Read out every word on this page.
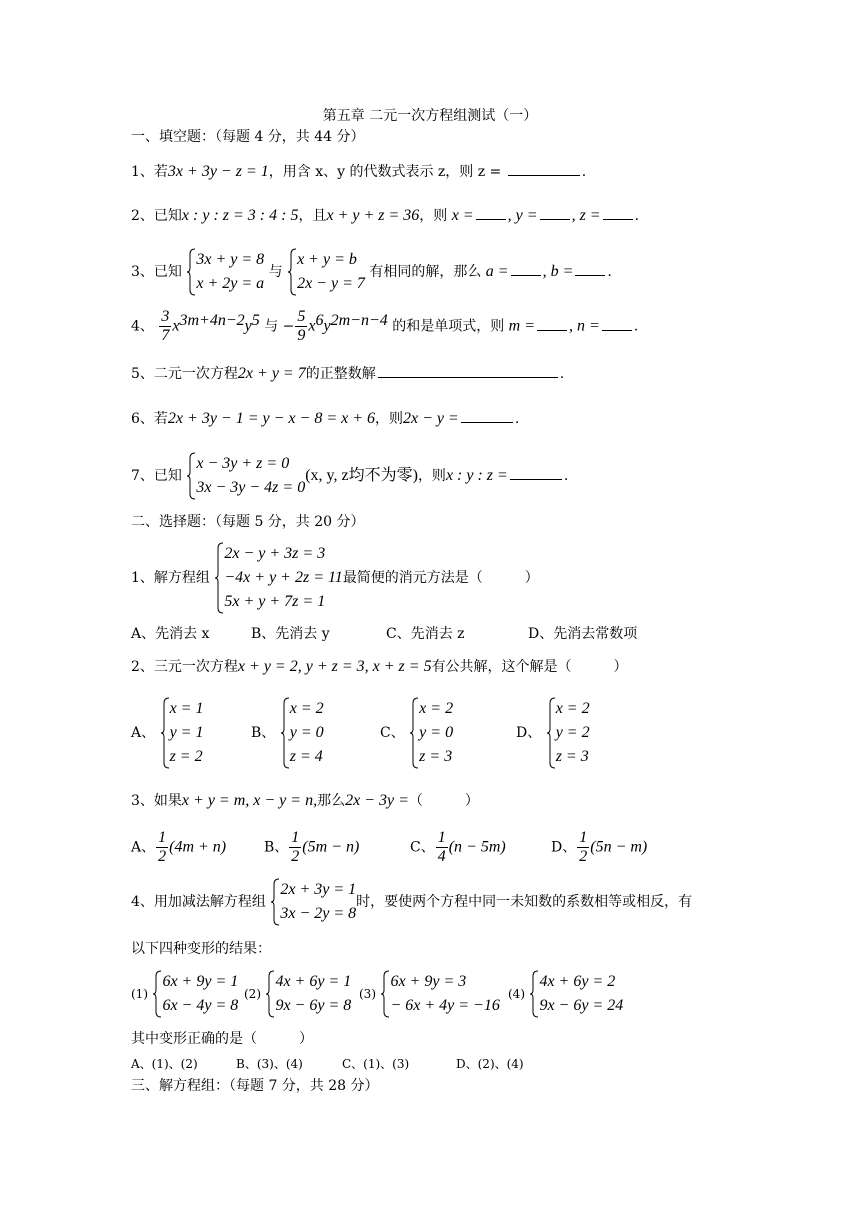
第五章 二元一次方程组测试（一）
一、填空题：（每题 4 分，共 44 分）
1、若3x + 3y − z = 1，用含 x、y 的代数式表示 z，则 z =	.
2、已知x : y : z = 3 : 4 : 5，且x + y + z = 36，则 x = , y = , z = .
3、已知
3x + y = 8
x + 2y = a
与
x + y = b
2x − y = 7
有相同的解，那么 a = , b = .
4、 $\frac{3}{7} x^{3m+4n-2}y^5$ 与 − $\frac{5}{9} x^6y^{2m-n-4}$ 的和是单项式，则 m = , n = .
5、二元一次方程2x + y = 7的正整数解	.
6、若2x + 3y − 1 = y − x − 8 = x + 6，则2x − y =	.
7、已知
x − 3y + z = 0
3x − 3y − 4z = 0
(x, y, z均不为零)，则x : y : z =	.
二、选择题：（每题 5 分，共 20 分）
1、解方程组
2x − y + 3z = 3
−4x + y + 2z = 11
5x + y + 7z = 1
最简便的消元方法是（　　　）
A、先消去 x	B、先消去 y	C、先消去 z	D、先消去常数项
2、三元一次方程x + y = 2, y + z = 3, x + z = 5有公共解，这个解是（　　　）
A、
x = 1
y = 1
z = 2
B、
x = 2
y = 0
z = 4
C、
x = 2
y = 0
z = 3
D、
x = 2
y = 2
z = 3
3、如果x + y = m, x − y = n,那么2x − 3y =（　　　）
A、 $\frac{1}{2} (4m + n)$	B、 $\frac{1}{2} (5m - n)$	C、 $\frac{1}{4} (n - 5m)$	D、 $\frac{1}{2} (5n - m)$
4、用加减法解方程组
2x + 3y = 1
3x − 2y = 8
时，要使两个方程中同一未知数的系数相等或相反，有
以下四种变形的结果：
(1)
6x + 9y = 1
6x − 4y = 8
(2)
4x + 6y = 1
9x − 6y = 8
(3)
6x + 9y = 3
− 6x + 4y = −16
(4)
4x + 6y = 2
9x − 6y = 24
其中变形正确的是（　　　）
A、(1)、(2)	B、(3)、(4)	C、(1)、(3)	D、(2)、(4)
三、解方程组：（每题 7 分，共 28 分）
